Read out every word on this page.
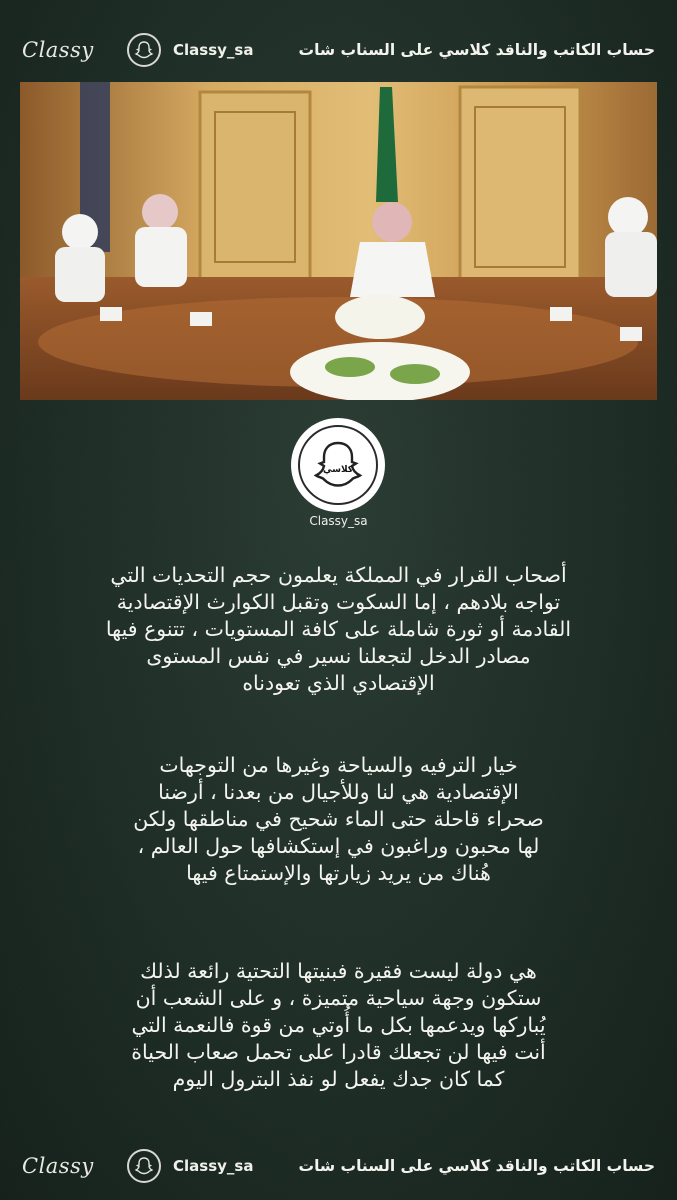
Classy	Classy_sa	حساب الكاتب والناقد كلاسي على السناب شات
كلاسي
Classy_sa
أصحاب القرار في المملكة يعلمون حجم التحديات التي
تواجه بلادهم ، إما السكوت وتقبل الكوارث الإقتصادية
القادمة أو ثورة شاملة على كافة المستويات ، تتنوع فيها
مصادر الدخل لتجعلنا نسير في نفس المستوى
الإقتصادي الذي تعودناه
خيار الترفيه والسياحة وغيرها من التوجهات
الإقتصادية هي لنا وللأجيال من بعدنا ، أرضنا
صحراء قاحلة حتى الماء شحيح في مناطقها ولكن
لها محبون وراغبون في إستكشافها حول العالم ،
هُناك من يريد زيارتها والإستمتاع فيها
هي دولة ليست فقيرة فبنيتها التحتية رائعة لذلك
ستكون وجهة سياحية متميزة ، و على الشعب أن
يُباركها ويدعمها بكل ما أُوتي من قوة فالنعمة التي
أنت فيها لن تجعلك قادرا على تحمل صعاب الحياة
كما كان جدك يفعل لو نفذ البترول اليوم
Classy	Classy_sa	حساب الكاتب والناقد كلاسي على السناب شات
